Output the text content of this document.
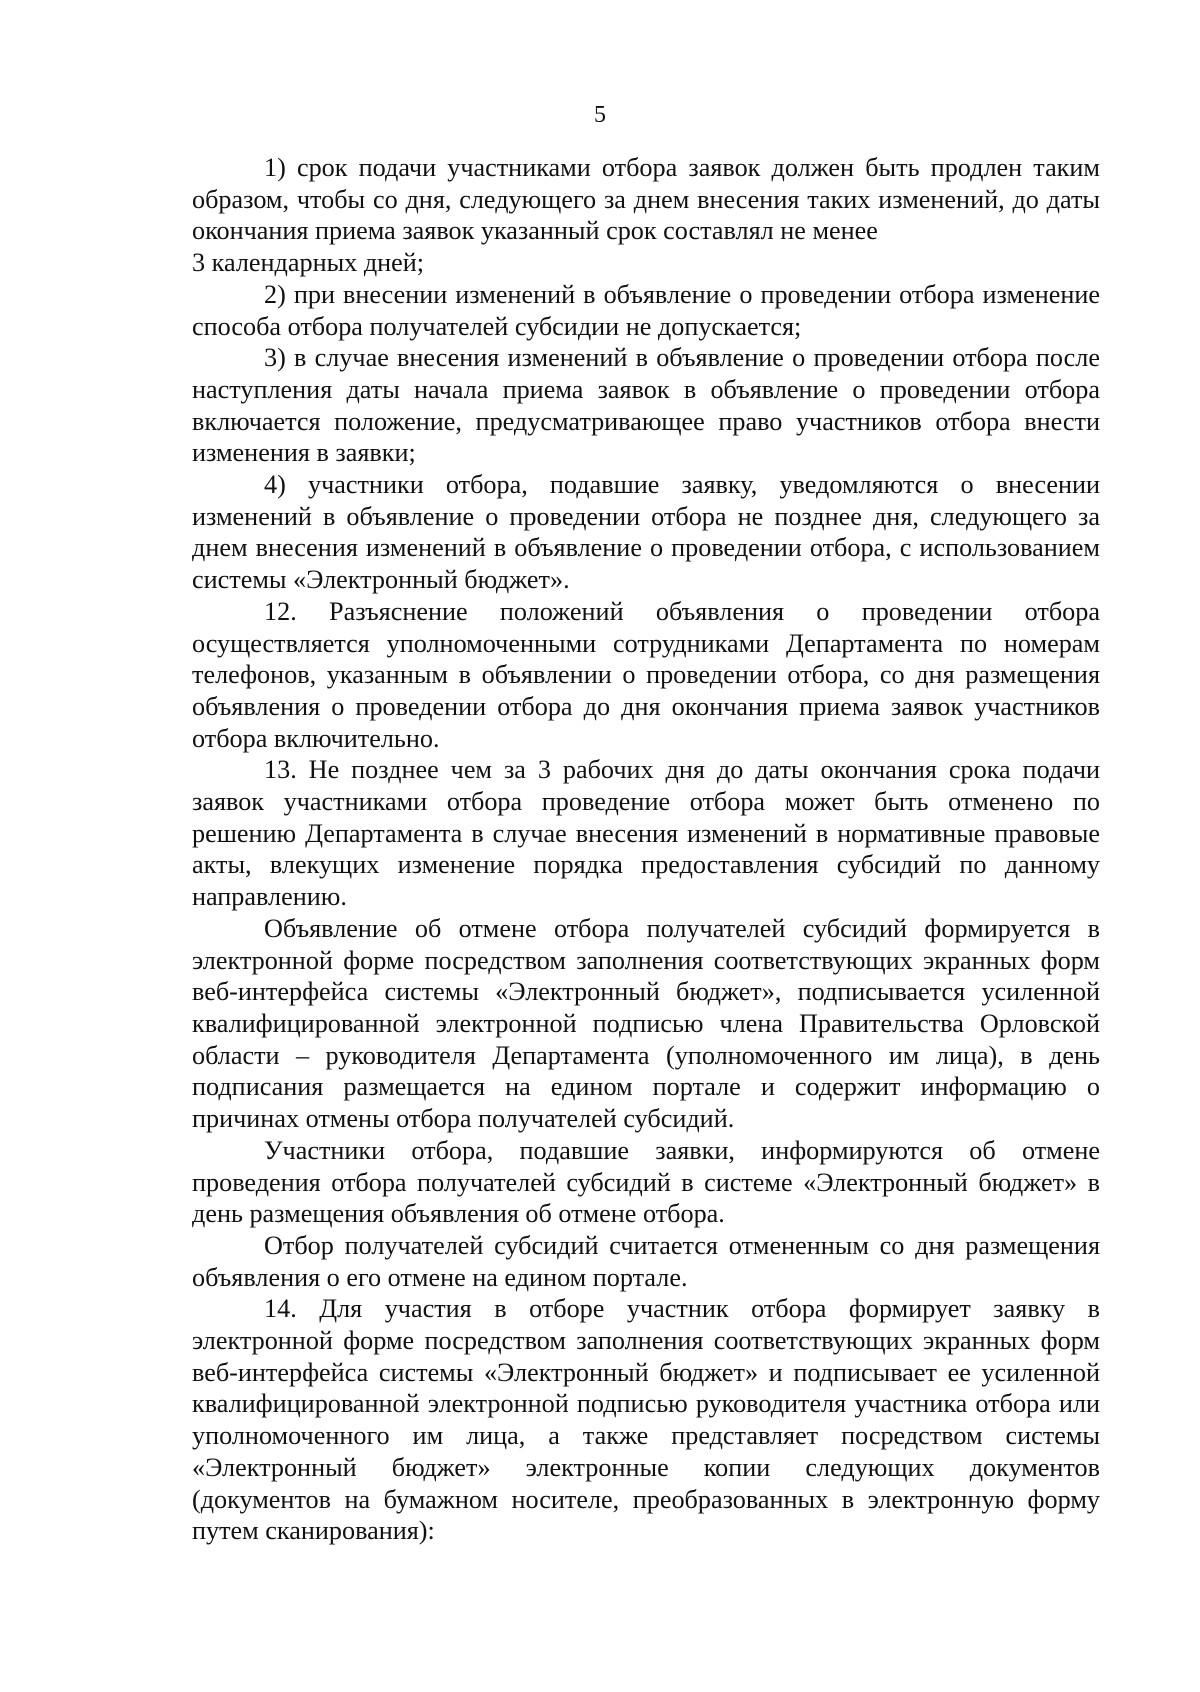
5

1) срок подачи участниками отбора заявок должен быть продлен таким образом, чтобы со дня, следующего за днем внесения таких изменений, до даты окончания приема заявок указанный срок составлял не менее

3 календарных дней;

2) при внесении изменений в объявление о проведении отбора изменение способа отбора получателей субсидии не допускается;

3) в случае внесения изменений в объявление о проведении отбора после наступления даты начала приема заявок в объявление о проведении отбора включается положение, предусматривающее право участников отбора внести изменения в заявки;

4) участники отбора, подавшие заявку, уведомляются о внесении изменений в объявление о проведении отбора не позднее дня, следующего за днем внесения изменений в объявление о проведении отбора, с использованием системы «Электронный бюджет».

12. Разъяснение положений объявления о проведении отбора осуществляется уполномоченными сотрудниками Департамента по номерам телефонов, указанным в объявлении о проведении отбора, со дня размещения объявления о проведении отбора до дня окончания приема заявок участников отбора включительно.

13. Не позднее чем за 3 рабочих дня до даты окончания срока подачи заявок участниками отбора проведение отбора может быть отменено по решению Департамента в случае внесения изменений в нормативные правовые акты, влекущих изменение порядка предоставления субсидий по данному направлению.

Объявление об отмене отбора получателей субсидий формируется в электронной форме посредством заполнения соответствующих экранных форм веб-интерфейса системы «Электронный бюджет», подписывается усиленной квалифицированной электронной подписью члена Правительства Орловской области – руководителя Департамента (уполномоченного им лица), в день подписания размещается на едином портале и содержит информацию о причинах отмены отбора получателей субсидий.

Участники отбора, подавшие заявки, информируются об отмене проведения отбора получателей субсидий в системе «Электронный бюджет» в день размещения объявления об отмене отбора.

Отбор получателей субсидий считается отмененным со дня размещения объявления о его отмене на едином портале.

14. Для участия в отборе участник отбора формирует заявку в электронной форме посредством заполнения соответствующих экранных форм веб-интерфейса системы «Электронный бюджет» и подписывает ее усиленной квалифицированной электронной подписью руководителя участника отбора или уполномоченного им лица, а также представляет посредством системы «Электронный бюджет» электронные копии следующих документов (документов на бумажном носителе, преобразованных в электронную форму путем сканирования):
